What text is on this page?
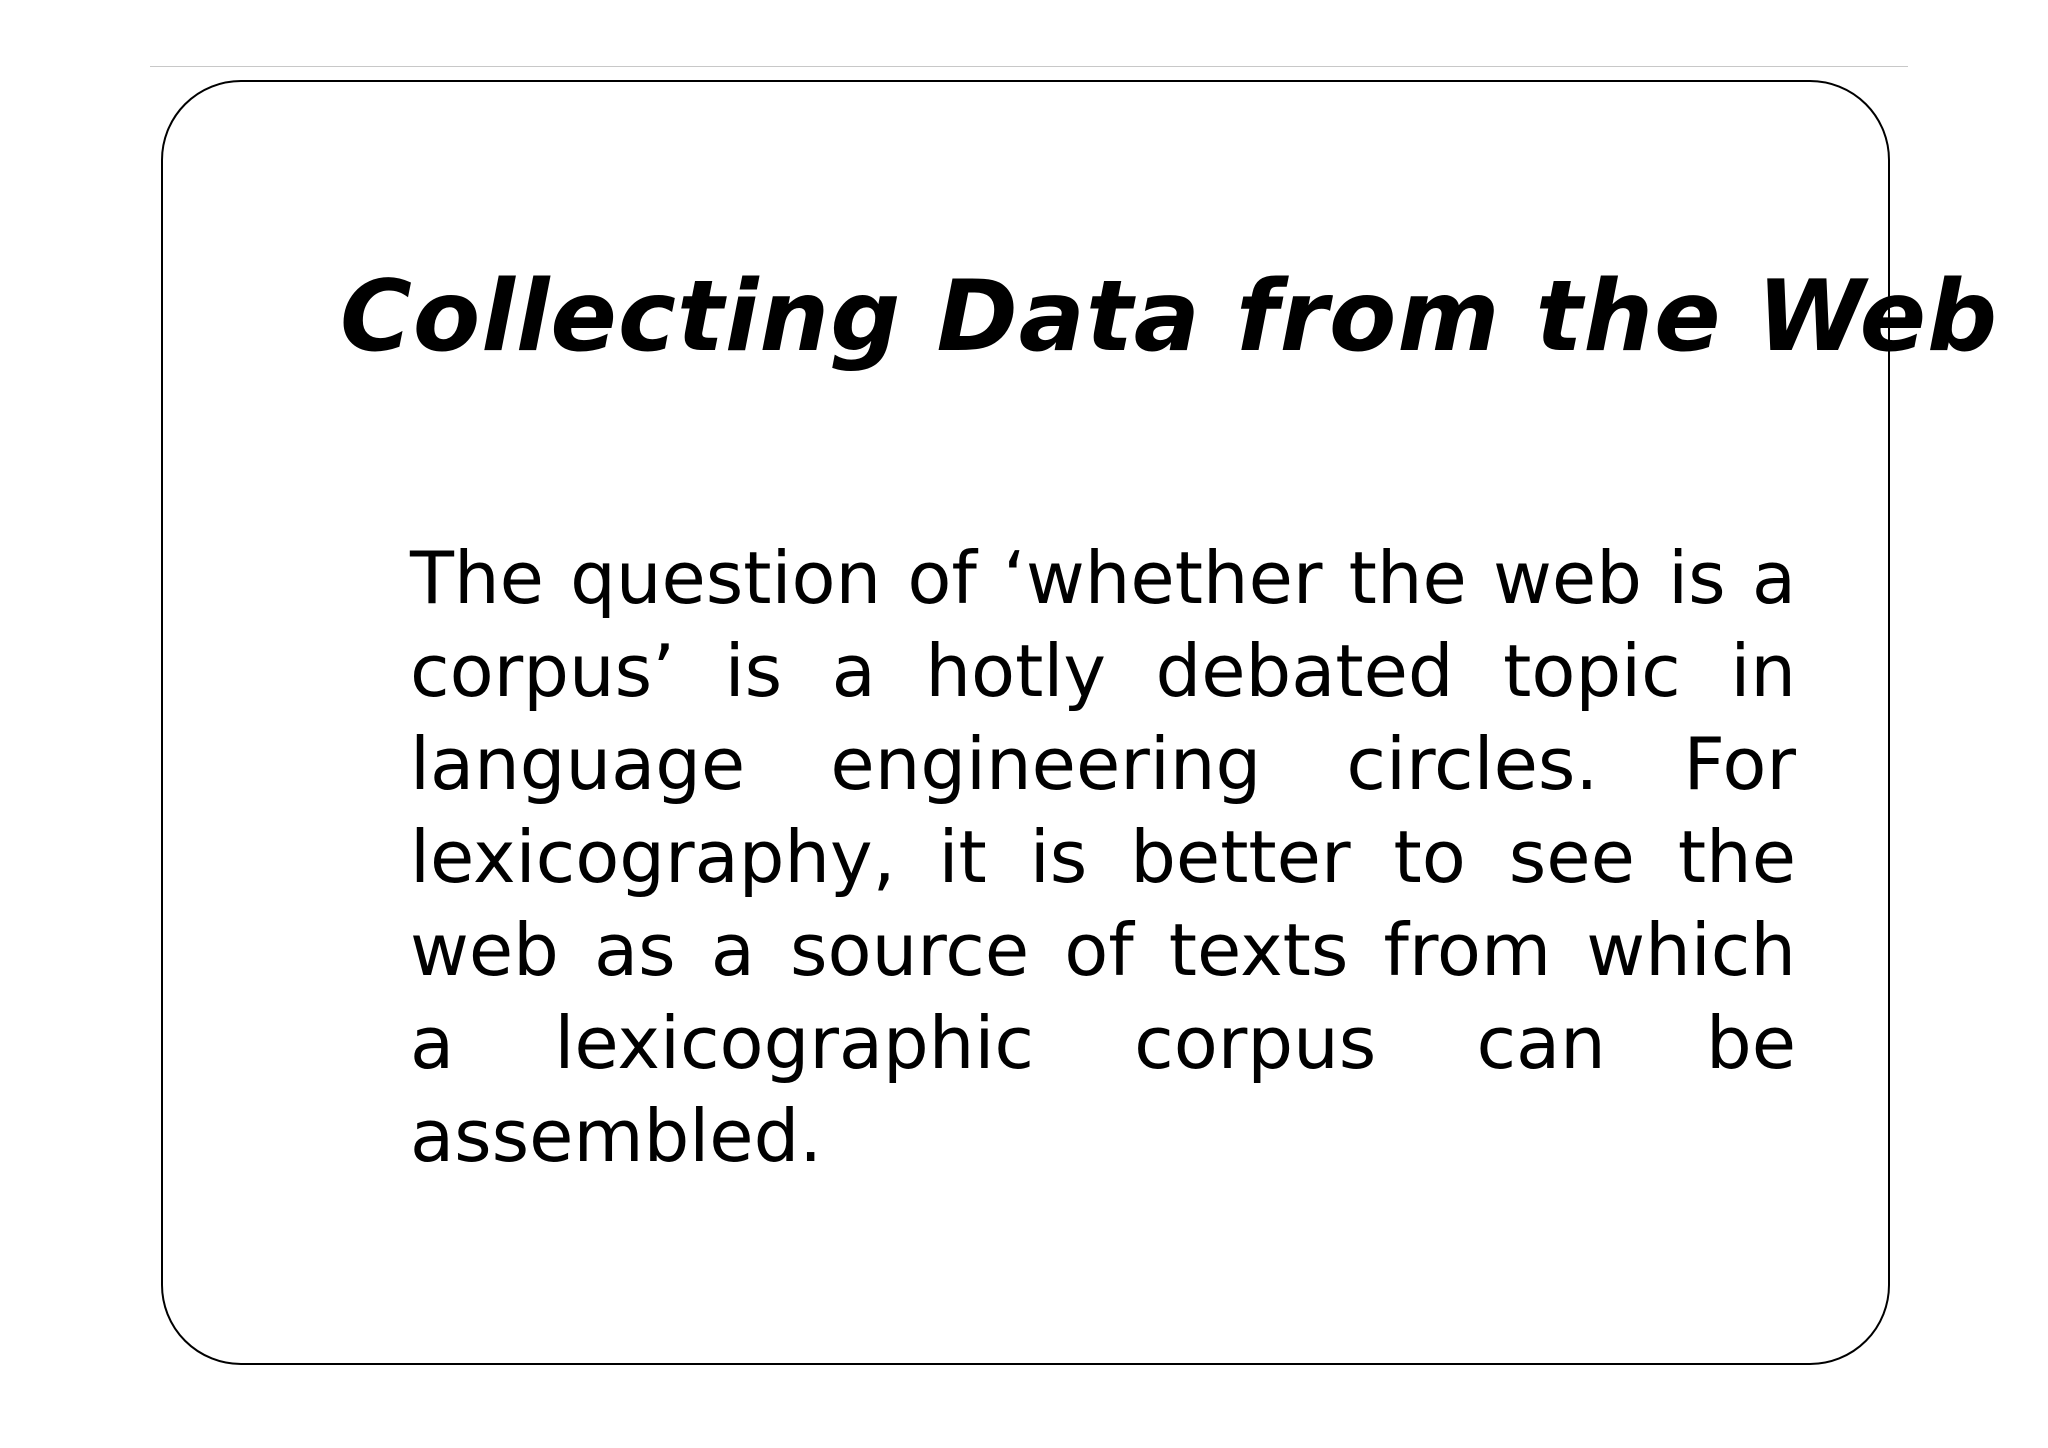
Collecting Data from the Web
The question of ‘whether the web is a
corpus’ is a hotly debated topic in
language engineering circles. For
lexicography, it is better to see the
web as a source of texts from which
a lexicographic corpus can be
assembled.
